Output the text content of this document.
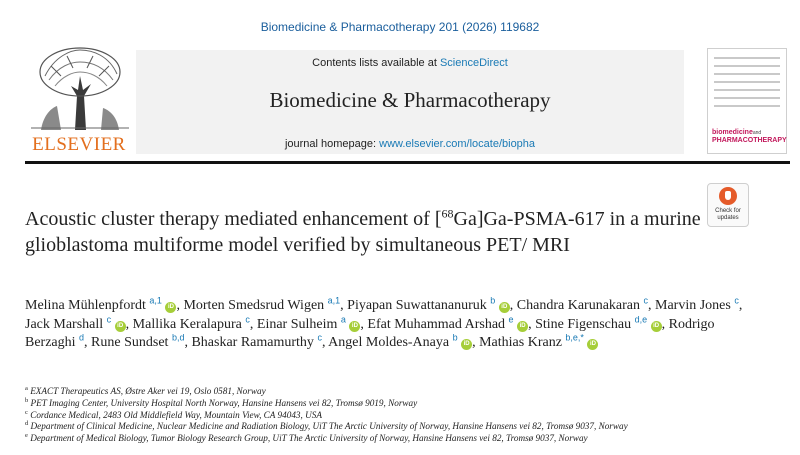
Biomedicine & Pharmacotherapy 201 (2026) 119682
ELSEVIER
Contents lists available at ScienceDirect
Biomedicine & Pharmacotherapy
journal homepage: www.elsevier.com/locate/biopha
biomedicineand
PHARMACOTHERAPY
Check for updates
Acoustic cluster therapy mediated enhancement of [$^{68}$Ga]Ga-PSMA-617 in a murine glioblastoma multiforme model verified by simultaneous PET/ MRI
Melina Mühlenpfordt $^{a,1}$ iD , Morten Smedsrud Wigen $^{a,1}$, Piyapan Suwattananuruk $^b$ iD , Chandra Karunakaran $^c$, Marvin Jones $^c$, Jack Marshall $^c$ iD , Mallika Keralapura $^c$, Einar Sulheim $^a$ iD , Efat Muhammad Arshad $^e$ iD , Stine Figenschau $^{d,e}$ iD , Rodrigo Berzaghi $^d$, Rune Sundset $^{b,d}$, Bhaskar Ramamurthy $^c$, Angel Moldes-Anaya $^b$ iD , Mathias Kranz $^{b,e,*}$ iD
$^a$ EXACT Therapeutics AS, Østre Aker vei 19, Oslo 0581, Norway
$^b$ PET Imaging Center, University Hospital North Norway, Hansine Hansens vei 82, Tromsø 9019, Norway
$^c$ Cordance Medical, 2483 Old Middlefield Way, Mountain View, CA 94043, USA
$^d$ Department of Clinical Medicine, Nuclear Medicine and Radiation Biology, UiT The Arctic University of Norway, Hansine Hansens vei 82, Tromsø 9037, Norway
$^e$ Department of Medical Biology, Tumor Biology Research Group, UiT The Arctic University of Norway, Hansine Hansens vei 82, Tromsø 9037, Norway
